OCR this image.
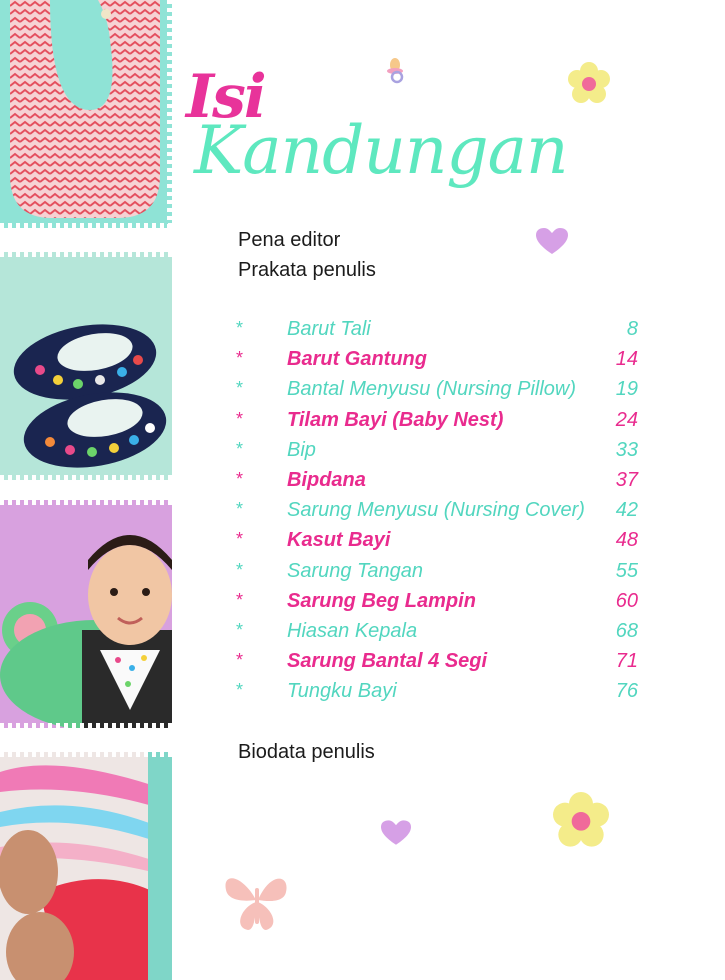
Isi
Kandungan
Pena editor
Prakata penulis
* Barut Tali	8
* Barut Gantung	14
* Bantal Menyusu (Nursing Pillow) 19
* Tilam Bayi (Baby Nest)	24
* Bip	33
* Bipdana	37
* Sarung Menyusu (Nursing Cover) 42
* Kasut Bayi	48
* Sarung Tangan	55
* Sarung Beg Lampin	60
* Hiasan Kepala	68
* Sarung Bantal 4 Segi	71
* Tungku Bayi	76
Biodata penulis
